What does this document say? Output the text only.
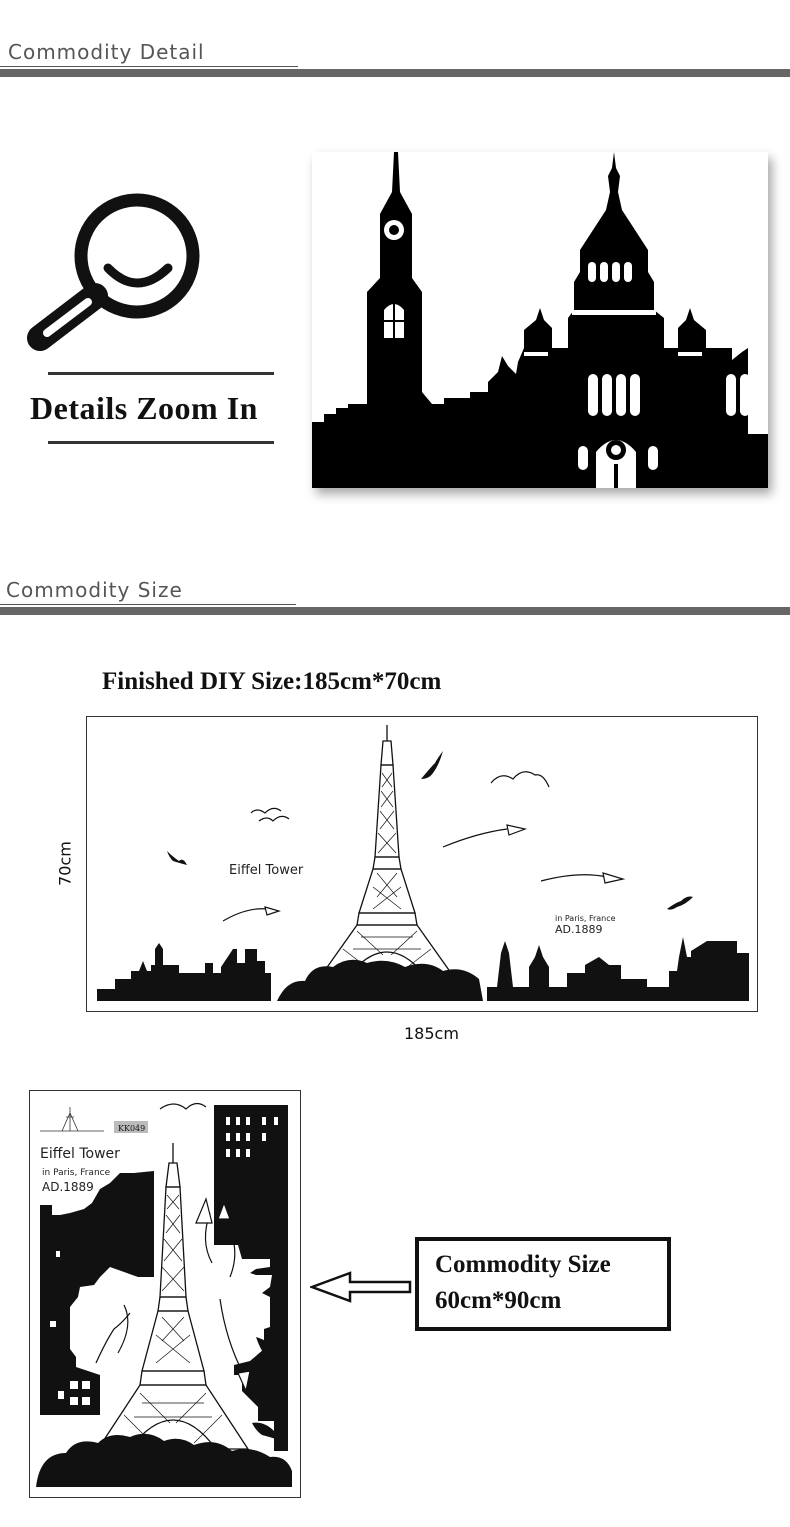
Commodity Detail
Details Zoom In
Commodity Size
Finished DIY Size:185cm*70cm
Eiffel Tower
in Paris, France
AD.1889
70cm
185cm
KK049
Eiffel Tower
in Paris, France
AD.1889
Commodity Size
60cm*90cm
